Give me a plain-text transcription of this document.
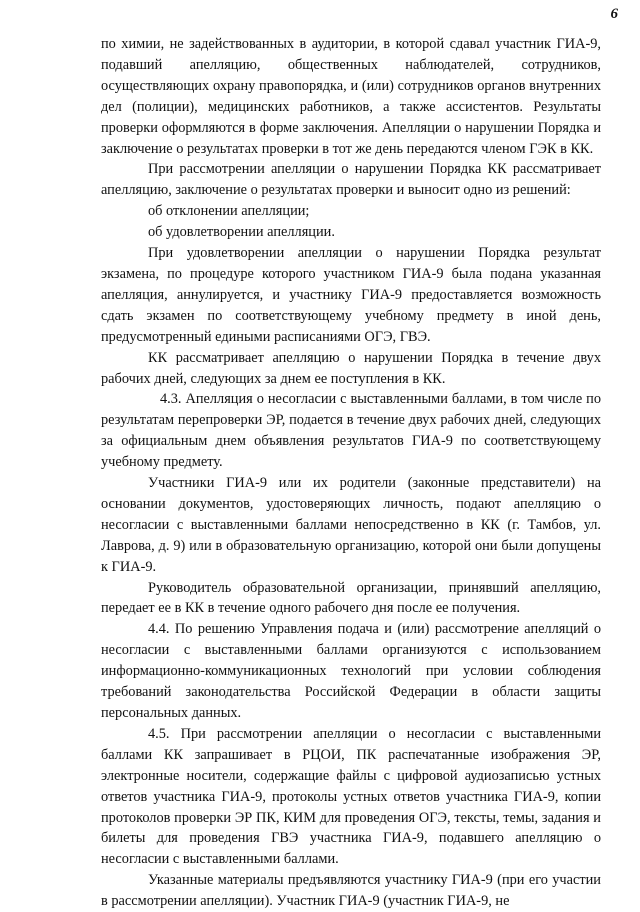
6

по химии, не задействованных в аудитории, в которой сдавал участник ГИА-9, подавший апелляцию, общественных наблюдателей, сотрудников, осуществляющих охрану правопорядка, и (или) сотрудников органов внутренних дел (полиции), медицинских работников, а также ассистентов. Результаты проверки оформляются в форме заключения. Апелляции о нарушении Порядка и заключение о результатах проверки в тот же день передаются членом ГЭК в КК.

При рассмотрении апелляции о нарушении Порядка КК рассматривает апелляцию, заключение о результатах проверки и выносит одно из решений:

об отклонении апелляции;

об удовлетворении апелляции.

При удовлетворении апелляции о нарушении Порядка результат экзамена, по процедуре которого участником ГИА-9 была подана указанная апелляция, аннулируется, и участнику ГИА-9 предоставляется возможность сдать экзамен по соответствующему учебному предмету в иной день, предусмотренный едиными расписаниями ОГЭ, ГВЭ.

КК рассматривает апелляцию о нарушении Порядка в течение двух рабочих дней, следующих за днем ее поступления в КК.

4.3. Апелляция о несогласии с выставленными баллами, в том числе по результатам перепроверки ЭР, подается в течение двух рабочих дней, следующих за официальным днем объявления результатов ГИА-9 по соответствующему учебному предмету.

Участники ГИА-9 или их родители (законные представители) на основании документов, удостоверяющих личность, подают апелляцию о несогласии с выставленными баллами непосредственно в КК (г. Тамбов, ул. Лаврова, д. 9) или в образовательную организацию, которой они были допущены к ГИА-9.

Руководитель образовательной организации, принявший апелляцию, передает ее в КК в течение одного рабочего дня после ее получения.

4.4. По решению Управления подача и (или) рассмотрение апелляций о несогласии с выставленными баллами организуются с использованием информационно-коммуникационных технологий при условии соблюдения требований законодательства Российской Федерации в области защиты персональных данных.

4.5. При рассмотрении апелляции о несогласии с выставленными баллами КК запрашивает в РЦОИ, ПК распечатанные изображения ЭР, электронные носители, содержащие файлы с цифровой аудиозаписью устных ответов участника ГИА-9, протоколы устных ответов участника ГИА-9, копии протоколов проверки ЭР ПК, КИМ для проведения ОГЭ, тексты, темы, задания и билеты для проведения ГВЭ участника ГИА-9, подавшего апелляцию о несогласии с выставленными баллами.

Указанные материалы предъявляются участнику ГИА-9 (при его участии в рассмотрении апелляции). Участник ГИА-9 (участник ГИА-9, не
